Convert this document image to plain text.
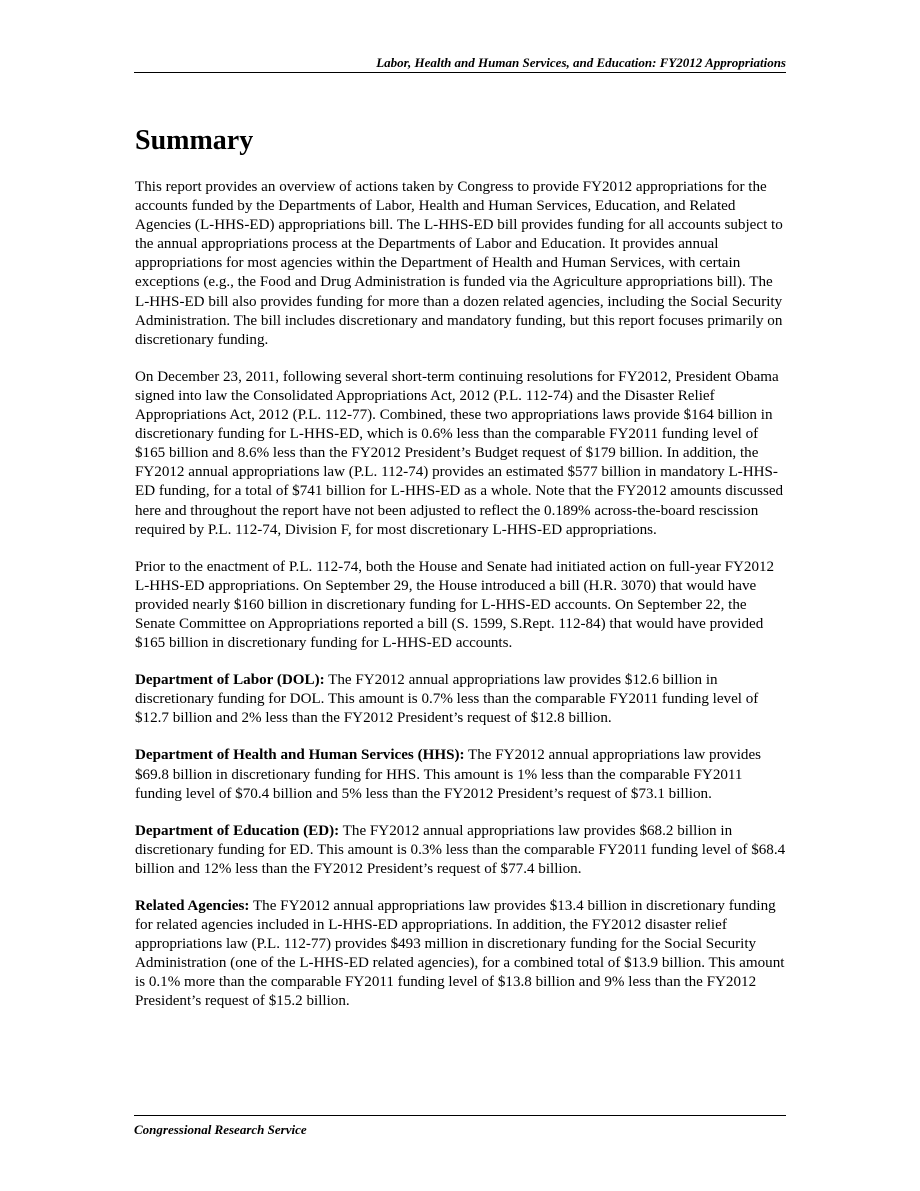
Labor, Health and Human Services, and Education: FY2012 Appropriations
Summary

This report provides an overview of actions taken by Congress to provide FY2012 appropriations for the accounts funded by the Departments of Labor, Health and Human Services, Education, and Related Agencies (L-HHS-ED) appropriations bill. The L-HHS-ED bill provides funding for all accounts subject to the annual appropriations process at the Departments of Labor and Education. It provides annual appropriations for most agencies within the Department of Health and Human Services, with certain exceptions (e.g., the Food and Drug Administration is funded via the Agriculture appropriations bill). The L-HHS-ED bill also provides funding for more than a dozen related agencies, including the Social Security Administration. The bill includes discretionary and mandatory funding, but this report focuses primarily on discretionary funding.

On December 23, 2011, following several short-term continuing resolutions for FY2012, President Obama signed into law the Consolidated Appropriations Act, 2012 (P.L. 112-74) and the Disaster Relief Appropriations Act, 2012 (P.L. 112-77). Combined, these two appropriations laws provide $164 billion in discretionary funding for L-HHS-ED, which is 0.6% less than the comparable FY2011 funding level of $165 billion and 8.6% less than the FY2012 President’s Budget request of $179 billion. In addition, the FY2012 annual appropriations law (P.L. 112-74) provides an estimated $577 billion in mandatory L-HHS-ED funding, for a total of $741 billion for L-HHS-ED as a whole. Note that the FY2012 amounts discussed here and throughout the report have not been adjusted to reflect the 0.189% across-the-board rescission required by P.L. 112-74, Division F, for most discretionary L-HHS-ED appropriations.

Prior to the enactment of P.L. 112-74, both the House and Senate had initiated action on full-year FY2012 L-HHS-ED appropriations. On September 29, the House introduced a bill (H.R. 3070) that would have provided nearly $160 billion in discretionary funding for L-HHS-ED accounts. On September 22, the Senate Committee on Appropriations reported a bill (S. 1599, S.Rept. 112-84) that would have provided $165 billion in discretionary funding for L-HHS-ED accounts.

Department of Labor (DOL): The FY2012 annual appropriations law provides $12.6 billion in discretionary funding for DOL. This amount is 0.7% less than the comparable FY2011 funding level of $12.7 billion and 2% less than the FY2012 President’s request of $12.8 billion.

Department of Health and Human Services (HHS): The FY2012 annual appropriations law provides $69.8 billion in discretionary funding for HHS. This amount is 1% less than the comparable FY2011 funding level of $70.4 billion and 5% less than the FY2012 President’s request of $73.1 billion.

Department of Education (ED): The FY2012 annual appropriations law provides $68.2 billion in discretionary funding for ED. This amount is 0.3% less than the comparable FY2011 funding level of $68.4 billion and 12% less than the FY2012 President’s request of $77.4 billion.

Related Agencies: The FY2012 annual appropriations law provides $13.4 billion in discretionary funding for related agencies included in L-HHS-ED appropriations. In addition, the FY2012 disaster relief appropriations law (P.L. 112-77) provides $493 million in discretionary funding for the Social Security Administration (one of the L-HHS-ED related agencies), for a combined total of $13.9 billion. This amount is 0.1% more than the comparable FY2011 funding level of $13.8 billion and 9% less than the FY2012 President’s request of $15.2 billion.

Congressional Research Service
